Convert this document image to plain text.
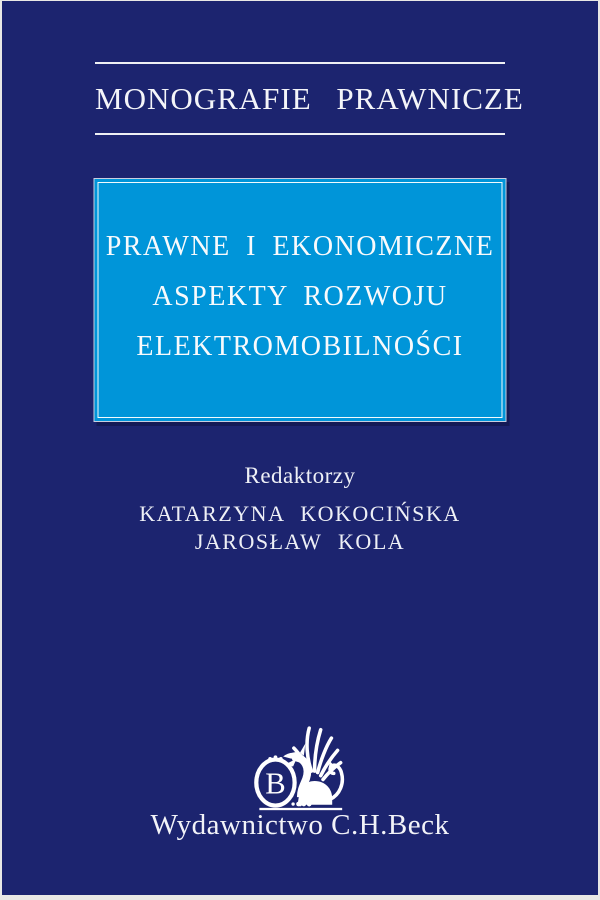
MONOGRAFIE PRAWNICZE
PRAWNE I EKONOMICZNE
ASPEKTY ROZWOJU
ELEKTROMOBILNOŚCI
Redaktorzy
KATARZYNA KOKOCIŃSKA
JAROSŁAW KOLA
B
Wydawnictwo C.H.Beck
